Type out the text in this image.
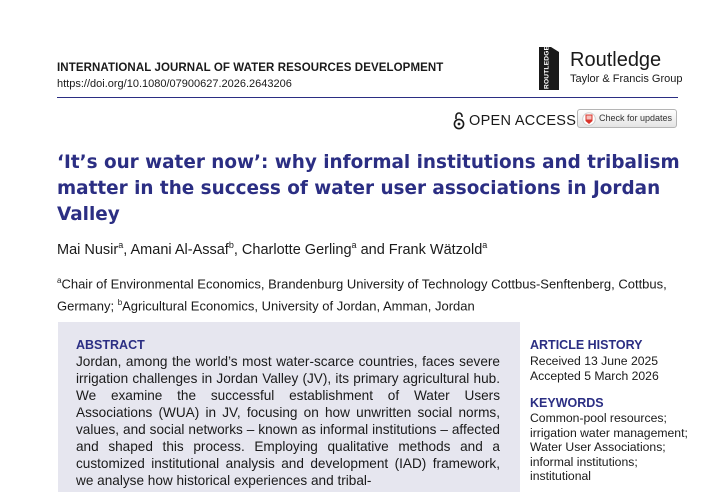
INTERNATIONAL JOURNAL OF WATER RESOURCES DEVELOPMENT
https://doi.org/10.1080/07900627.2026.2643206	ROUTLEDGE Routledge
Taylor & Francis Group
OPEN ACCESS	Check for updates
‘It’s our water now’: why informal institutions and tribalism matter in the success of water user associations in Jordan Valley
Mai Nusir$^a$, Amani Al-Assaf$^b$, Charlotte Gerling$^a$ and Frank Wätzold$^a$

$^a$Chair of Environmental Economics, Brandenburg University of Technology Cottbus-Senftenberg, Cottbus, Germany; $^b$Agricultural Economics, University of Jordan, Amman, Jordan

ABSTRACT

Jordan, among the world’s most water-scarce countries, faces severe irrigation challenges in Jordan Valley (JV), its primary agricultural hub. We examine the successful establishment of Water Users Associations (WUA) in JV, focusing on how unwritten social norms, values, and social networks – known as informal institutions – affected and shaped this process. Employing qualitative methods and a customized institutional analysis and development (IAD) framework, we analyse how historical experiences and tribal-

ARTICLE HISTORY
Received 13 June 2025
Accepted 5 March 2026
KEYWORDS

Common-pool resources; irrigation water management; Water User Associations; informal institutions; institutional
